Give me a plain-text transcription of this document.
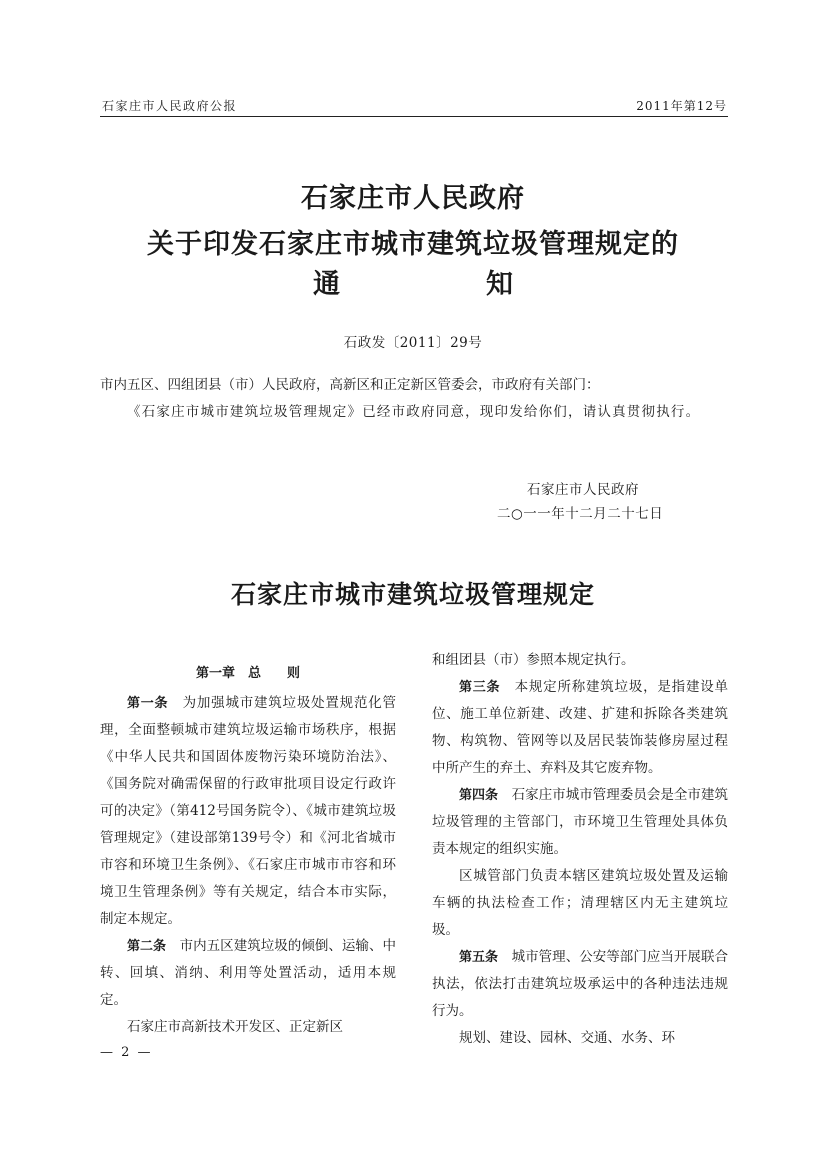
石家庄市人民政府公报	2011年第12号
石家庄市人民政府
关于印发石家庄市城市建筑垃圾管理规定的
通	知
石政发〔2011〕29号
市内五区、四组团县（市）人民政府，高新区和正定新区管委会，市政府有关部门：
《石家庄市城市建筑垃圾管理规定》已经市政府同意，现印发给你们，请认真贯彻执行。
石家庄市人民政府
二○一一年十二月二十七日
石家庄市城市建筑垃圾管理规定
第一章　总　　则

第一条　为加强城市建筑垃圾处置规范化管理，全面整顿城市建筑垃圾运输市场秩序，根据《中华人民共和国固体废物污染环境防治法》、《国务院对确需保留的行政审批项目设定行政许可的决定》（第412号国务院令）、《城市建筑垃圾管理规定》（建设部第139号令）和《河北省城市市容和环境卫生条例》、《石家庄市城市市容和环境卫生管理条例》等有关规定，结合本市实际，制定本规定。

第二条　市内五区建筑垃圾的倾倒、运输、中转、回填、消纳、利用等处置活动，适用本规定。

石家庄市高新技术开发区、正定新区

和组团县（市）参照本规定执行。

第三条　本规定所称建筑垃圾，是指建设单位、施工单位新建、改建、扩建和拆除各类建筑物、构筑物、管网等以及居民装饰装修房屋过程中所产生的弃土、弃料及其它废弃物。

第四条　石家庄市城市管理委员会是全市建筑垃圾管理的主管部门，市环境卫生管理处具体负责本规定的组织实施。

区城管部门负责本辖区建筑垃圾处置及运输车辆的执法检查工作；清理辖区内无主建筑垃圾。

第五条　城市管理、公安等部门应当开展联合执法，依法打击建筑垃圾承运中的各种违法违规行为。

规划、建设、园林、交通、水务、环

— 2 —
